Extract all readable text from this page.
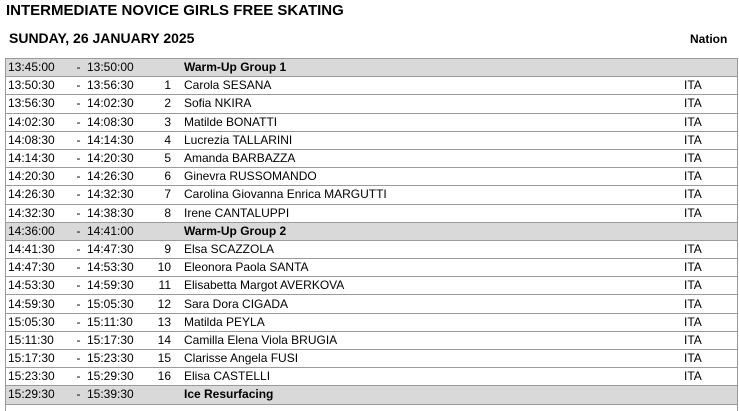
INTERMEDIATE NOVICE GIRLS FREE SKATING
SUNDAY, 26 JANUARY 2025	Nation
13:45:00	-	13:50:00		Warm-Up Group 1	
13:50:30	-	13:56:30	1	Carola SESANA	ITA
13:56:30	-	14:02:30	2	Sofia NKIRA	ITA
14:02:30	-	14:08:30	3	Matilde BONATTI	ITA
14:08:30	-	14:14:30	4	Lucrezia TALLARINI	ITA
14:14:30	-	14:20:30	5	Amanda BARBAZZA	ITA
14:20:30	-	14:26:30	6	Ginevra RUSSOMANDO	ITA
14:26:30	-	14:32:30	7	Carolina Giovanna Enrica MARGUTTI	ITA
14:32:30	-	14:38:30	8	Irene CANTALUPPI	ITA
14:36:00	-	14:41:00		Warm-Up Group 2	
14:41:30	-	14:47:30	9	Elsa SCAZZOLA	ITA
14:47:30	-	14:53:30	10	Eleonora Paola SANTA	ITA
14:53:30	-	14:59:30	11	Elisabetta Margot AVERKOVA	ITA
14:59:30	-	15:05:30	12	Sara Dora CIGADA	ITA
15:05:30	-	15:11:30	13	Matilda PEYLA	ITA
15:11:30	-	15:17:30	14	Camilla Elena Viola BRUGIA	ITA
15:17:30	-	15:23:30	15	Clarisse Angela FUSI	ITA
15:23:30	-	15:29:30	16	Elisa CASTELLI	ITA
15:29:30	-	15:39:30		Ice Resurfacing	
